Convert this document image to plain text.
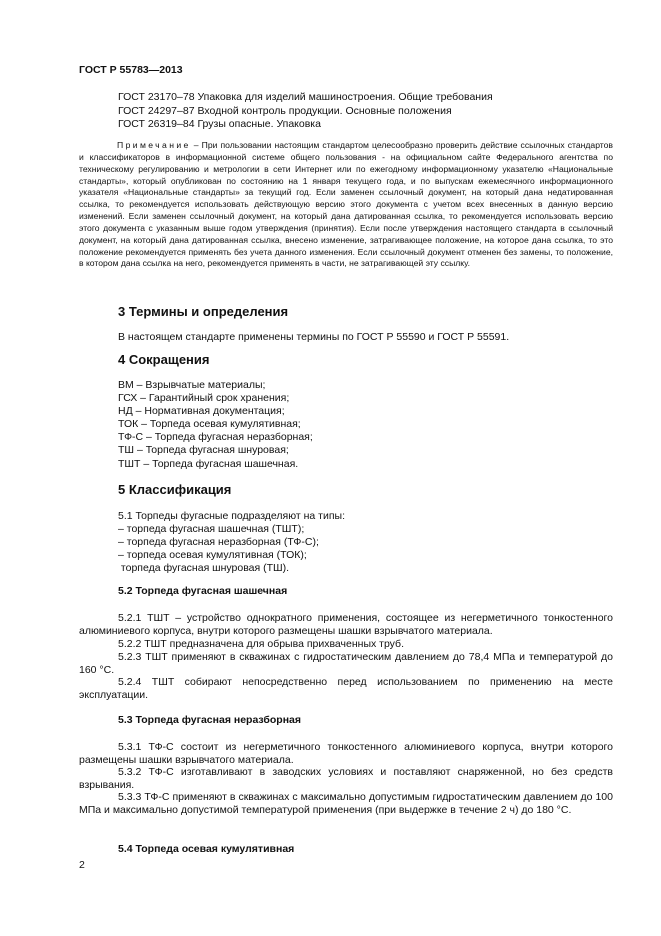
ГОСТ Р 55783—2013
ГОСТ 23170–78 Упаковка для изделий машиностроения. Общие требования
ГОСТ 24297–87 Входной контроль продукции. Основные положения
ГОСТ 26319–84 Грузы опасные. Упаковка
Примечание – При пользовании настоящим стандартом целесообразно проверить действие ссылочных стандартов и классификаторов в информационной системе общего пользования - на официальном сайте Федерального агентства по техническому регулированию и метрологии в сети Интернет или по ежегодному информационному указателю «Национальные стандарты», который опубликован по состоянию на 1 января текущего года, и по выпускам ежемесячного информационного указателя «Национальные стандарты» за текущий год. Если заменен ссылочный документ, на который дана недатированная ссылка, то рекомендуется использовать действующую версию этого документа с учетом всех внесенных в данную версию изменений. Если заменен ссылочный документ, на который дана датированная ссылка, то рекомендуется использовать версию этого документа с указанным выше годом утверждения (принятия). Если после утверждения настоящего стандарта в ссылочный документ, на который дана датированная ссылка, внесено изменение, затрагивающее положение, на которое дана ссылка, то это положение рекомендуется применять без учета данного изменения. Если ссылочный документ отменен без замены, то положение, в котором дана ссылка на него, рекомендуется применять в части, не затрагивающей эту ссылку.
3 Термины и определения
В настоящем стандарте применены термины по ГОСТ Р 55590 и ГОСТ Р 55591.
4 Сокращения
ВМ – Взрывчатые материалы;
ГСХ – Гарантийный срок хранения;
НД – Нормативная документация;
ТОК – Торпеда осевая кумулятивная;
ТФ-С – Торпеда фугасная неразборная;
ТШ – Торпеда фугасная шнуровая;
ТШТ – Торпеда фугасная шашечная.
5 Классификация
5.1 Торпеды фугасные подразделяют на типы:
– торпеда фугасная шашечная (ТШТ);
– торпеда фугасная неразборная (ТФ-С);
– торпеда осевая кумулятивная (ТОК);
торпеда фугасная шнуровая (ТШ).
5.2 Торпеда фугасная шашечная
5.2.1 ТШТ – устройство однократного применения, состоящее из негерметичного тонкостенного алюминиевого корпуса, внутри которого размещены шашки взрывчатого материала.
5.2.2 ТШТ предназначена для обрыва прихваченных труб.
5.2.3 ТШТ применяют в скважинах с гидростатическим давлением до 78,4 МПа и температурой до 160 °С.
5.2.4 ТШТ собирают непосредственно перед использованием по применению на месте эксплуатации.
5.3 Торпеда фугасная неразборная
5.3.1 ТФ-С состоит из негерметичного тонкостенного алюминиевого корпуса, внутри которого размещены шашки взрывчатого материала.
5.3.2 ТФ-С изготавливают в заводских условиях и поставляют снаряженной, но без средств взрывания.
5.3.3 ТФ-С применяют в скважинах с максимально допустимым гидростатическим давлением до 100 МПа и максимально допустимой температурой применения (при выдержке в течение 2 ч) до 180 °С.
5.4 Торпеда осевая кумулятивная
2
